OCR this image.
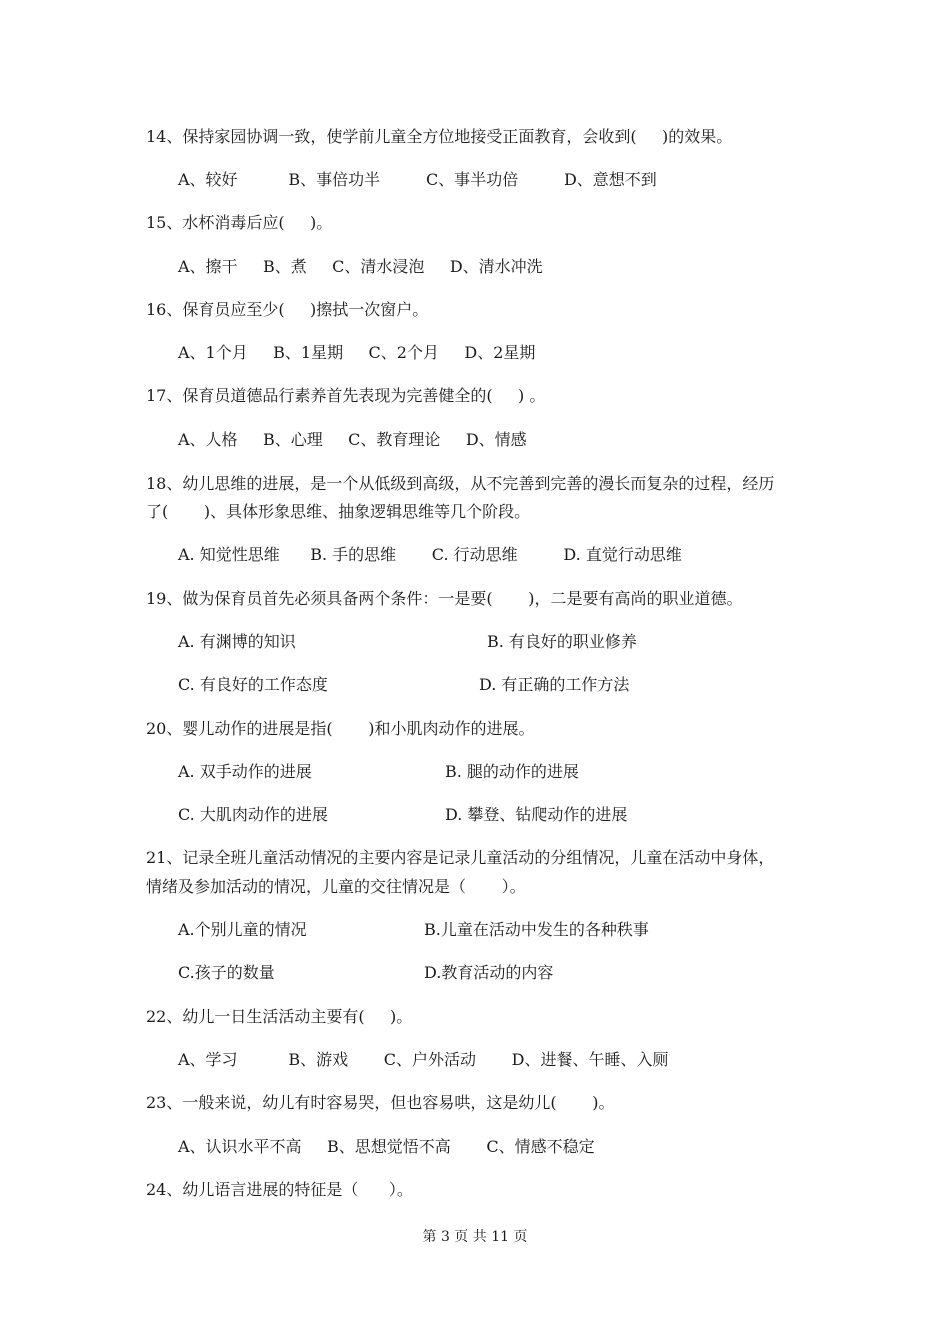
14、保持家园协调一致，使学前儿童全方位地接受正面教育，会收到(     )的效果。
A、较好          B、事倍功半         C、事半功倍         D、意想不到
15、水杯消毒后应(     )。
A、擦干     B、煮     C、清水浸泡     D、清水冲洗
16、保育员应至少(     )擦拭一次窗户。
A、1个月     B、1星期     C、2个月     D、2星期
17、保育员道德品行素养首先表现为完善健全的(     ) 。
A、人格     B、心理     C、教育理论     D、情感
18、幼儿思维的进展，是一个从低级到高级，从不完善到完善的漫长而复杂的过程，经历
了(       )、具体形象思维、抽象逻辑思维等几个阶段。
A. 知觉性思维      B. 手的思维       C. 行动思维         D. 直觉行动思维
19、做为保育员首先必须具备两个条件：一是要(       )，二是要有高尚的职业道德。
A. 有渊博的知识	B. 有良好的职业修养
C. 有良好的工作态度	D. 有正确的工作方法
20、婴儿动作的进展是指(       )和小肌肉动作的进展。
A. 双手动作的进展	B. 腿的动作的进展
C. 大肌肉动作的进展	D. 攀登、钻爬动作的进展
21、记录全班儿童活动情况的主要内容是记录儿童活动的分组情况，儿童在活动中身体，
情绪及参加活动的情况，儿童的交往情况是（       ）。
A.个别儿童的情况	B.儿童在活动中发生的各种秩事
C.孩子的数量	D.教育活动的内容
22、幼儿一日生活活动主要有(     )。
A、学习          B、游戏       C、户外活动       D、进餐、午睡、入厕
23、一般来说，幼儿有时容易哭，但也容易哄，这是幼儿(       )。
A、认识水平不高     B、思想觉悟不高       C、情感不稳定
24、幼儿语言进展的特征是（      ）。
第 3 页 共 11 页
